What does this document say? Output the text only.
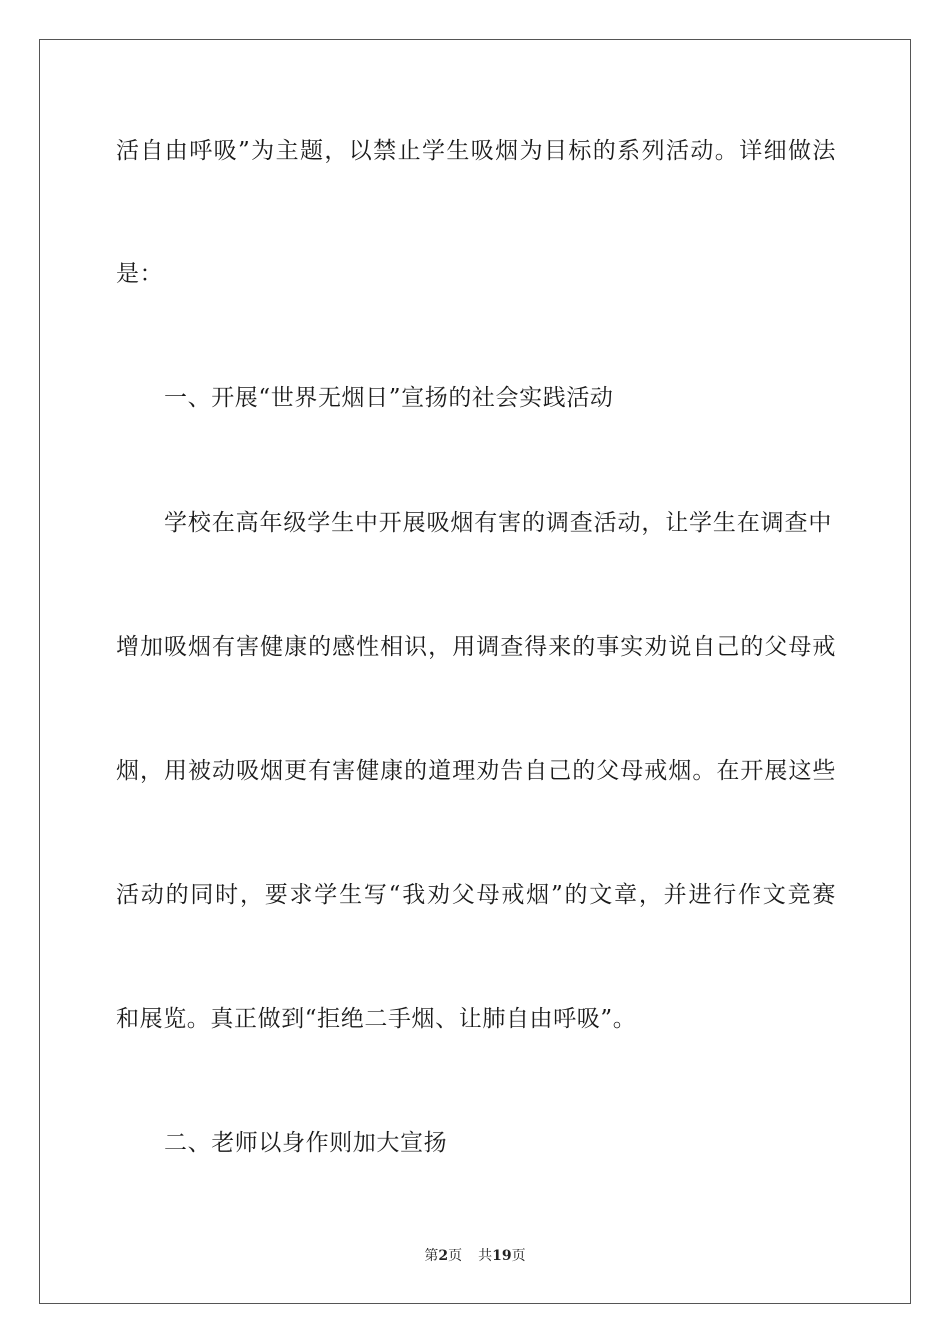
活自由呼吸”为主题，以禁止学生吸烟为目标的系列活动。详细做法
是：
一、开展“世界无烟日”宣扬的社会实践活动
学校在高年级学生中开展吸烟有害的调查活动，让学生在调查中
增加吸烟有害健康的感性相识，用调查得来的事实劝说自己的父母戒
烟，用被动吸烟更有害健康的道理劝告自己的父母戒烟。在开展这些
活动的同时，要求学生写“我劝父母戒烟”的文章，并进行作文竞赛
和展览。真正做到“拒绝二手烟、让肺自由呼吸”。
二、老师以身作则加大宣扬
第2页 共19页
